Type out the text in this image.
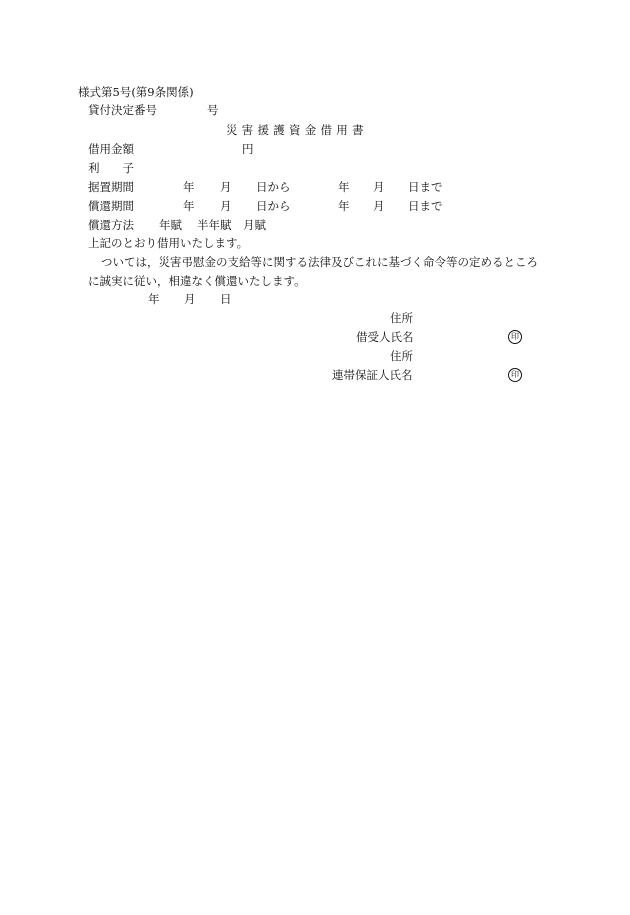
様式第5号(第9条関係)
貸付決定番号	号
災 害 援 護 資 金 借 用 書
借用金額	円
利　　子
据置期間	年 月 日から	年 月 日まで
償還期間	年 月 日から	年 月 日まで
償還方法 年賦 半年賦 月賦
上記のとおり借用いたします。
ついては，災害弔慰金の支給等に関する法律及びこれに基づく命令等の定めるところ
に誠実に従い，相違なく償還いたします。
年 月 日
住所
借受人氏名	印
住所
連帯保証人氏名	印
